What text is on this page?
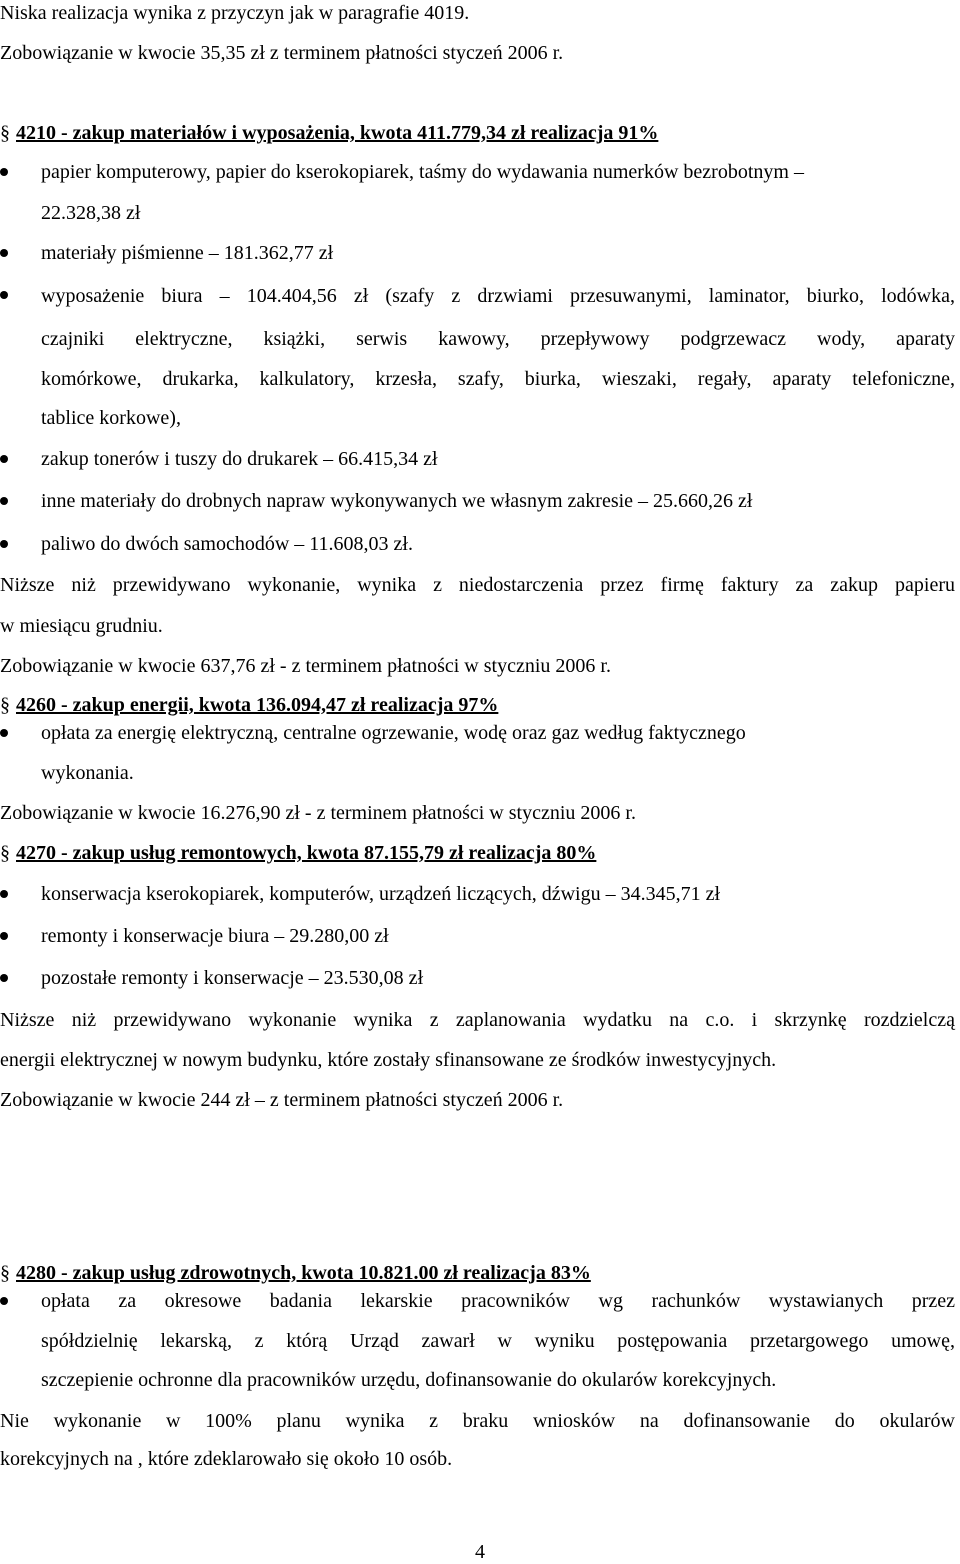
Niska realizacja wynika z przyczyn jak w paragrafie 4019.
Zobowiązanie w kwocie 35,35 zł z terminem płatności styczeń 2006 r.
§ 4210 - zakup materiałów i wyposażenia, kwota 411.779,34 zł realizacja 91%
papier komputerowy, papier do kserokopiarek, taśmy do wydawania numerków bezrobotnym –
22.328,38 zł
materiały piśmienne – 181.362,77 zł
wyposażenie biura – 104.404,56 zł (szafy z drzwiami przesuwanymi, laminator, biurko, lodówka,
czajniki elektryczne, książki, serwis kawowy, przepływowy podgrzewacz wody, aparaty
komórkowe, drukarka, kalkulatory, krzesła, szafy, biurka, wieszaki, regały, aparaty telefoniczne,
tablice korkowe),
zakup tonerów i tuszy do drukarek – 66.415,34 zł
inne materiały do drobnych napraw wykonywanych we własnym zakresie – 25.660,26 zł
paliwo do dwóch samochodów – 11.608,03 zł.
Niższe niż przewidywano wykonanie, wynika z niedostarczenia przez firmę faktury za zakup papieru
w miesiącu grudniu.
Zobowiązanie w kwocie 637,76 zł - z terminem płatności w styczniu 2006 r.
§ 4260 - zakup energii, kwota 136.094,47 zł realizacja 97%
opłata za energię elektryczną, centralne ogrzewanie, wodę oraz gaz według faktycznego
wykonania.
Zobowiązanie w kwocie 16.276,90 zł - z terminem płatności w styczniu 2006 r.
§ 4270 - zakup usług remontowych, kwota 87.155,79 zł realizacja 80%
konserwacja kserokopiarek, komputerów, urządzeń liczących, dźwigu – 34.345,71 zł
remonty i konserwacje biura – 29.280,00 zł
pozostałe remonty i konserwacje – 23.530,08 zł
Niższe niż przewidywano wykonanie wynika z zaplanowania wydatku na c.o. i skrzynkę rozdzielczą
energii elektrycznej w nowym budynku, które zostały sfinansowane ze środków inwestycyjnych.
Zobowiązanie w kwocie 244 zł – z terminem płatności styczeń 2006 r.
§ 4280 - zakup usług zdrowotnych, kwota 10.821.00 zł realizacja 83%
opłata za okresowe badania lekarskie pracowników wg rachunków wystawianych przez
spółdzielnię lekarską, z którą Urząd zawarł w wyniku postępowania przetargowego umowę,
szczepienie ochronne dla pracowników urzędu, dofinansowanie do okularów korekcyjnych.
Nie wykonanie w 100% planu wynika z braku wniosków na dofinansowanie do okularów
korekcyjnych na , które zdeklarowało się około 10 osób.
4
